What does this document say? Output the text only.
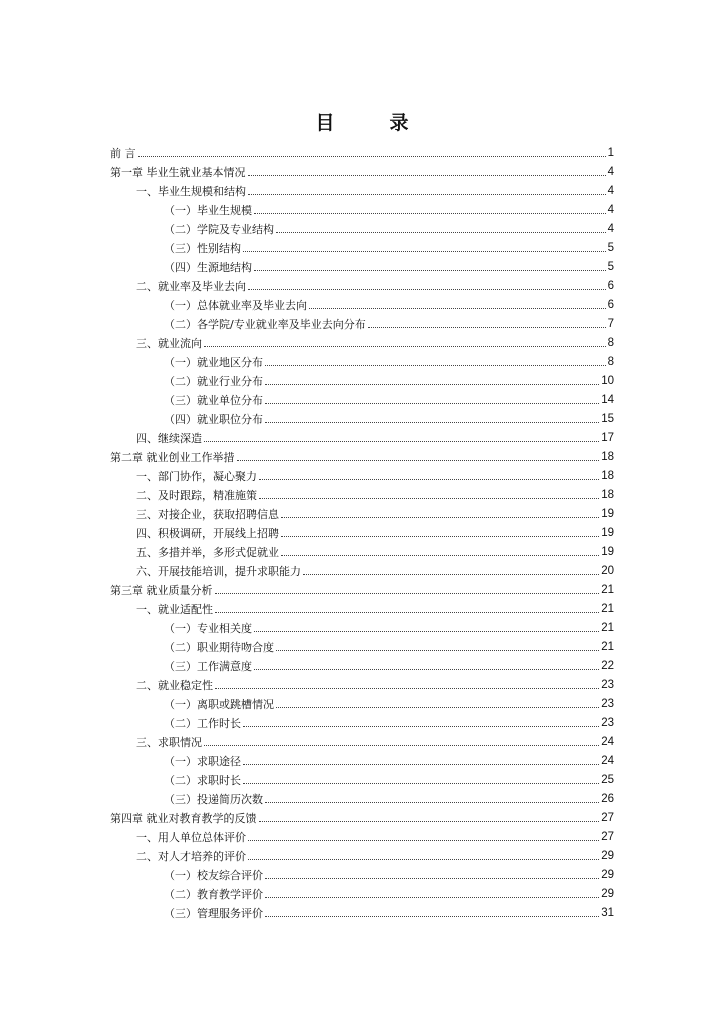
目　录
前 言	1
第一章 毕业生就业基本情况	4
一、毕业生规模和结构	4
（一）毕业生规模	4
（二）学院及专业结构	4
（三）性别结构	5
（四）生源地结构	5
二、就业率及毕业去向	6
（一）总体就业率及毕业去向	6
（二）各学院/专业就业率及毕业去向分布	7
三、就业流向	8
（一）就业地区分布	8
（二）就业行业分布	10
（三）就业单位分布	14
（四）就业职位分布	15
四、继续深造	17
第二章 就业创业工作举措	18
一、部门协作，凝心聚力	18
二、及时跟踪，精准施策	18
三、对接企业，获取招聘信息	19
四、积极调研，开展线上招聘	19
五、多措并举，多形式促就业	19
六、开展技能培训，提升求职能力	20
第三章 就业质量分析	21
一、就业适配性	21
（一）专业相关度	21
（二）职业期待吻合度	21
（三）工作满意度	22
二、就业稳定性	23
（一）离职或跳槽情况	23
（二）工作时长	23
三、求职情况	24
（一）求职途径	24
（二）求职时长	25
（三）投递简历次数	26
第四章 就业对教育教学的反馈	27
一、用人单位总体评价	27
二、对人才培养的评价	29
（一）校友综合评价	29
（二）教育教学评价	29
（三）管理服务评价	31
